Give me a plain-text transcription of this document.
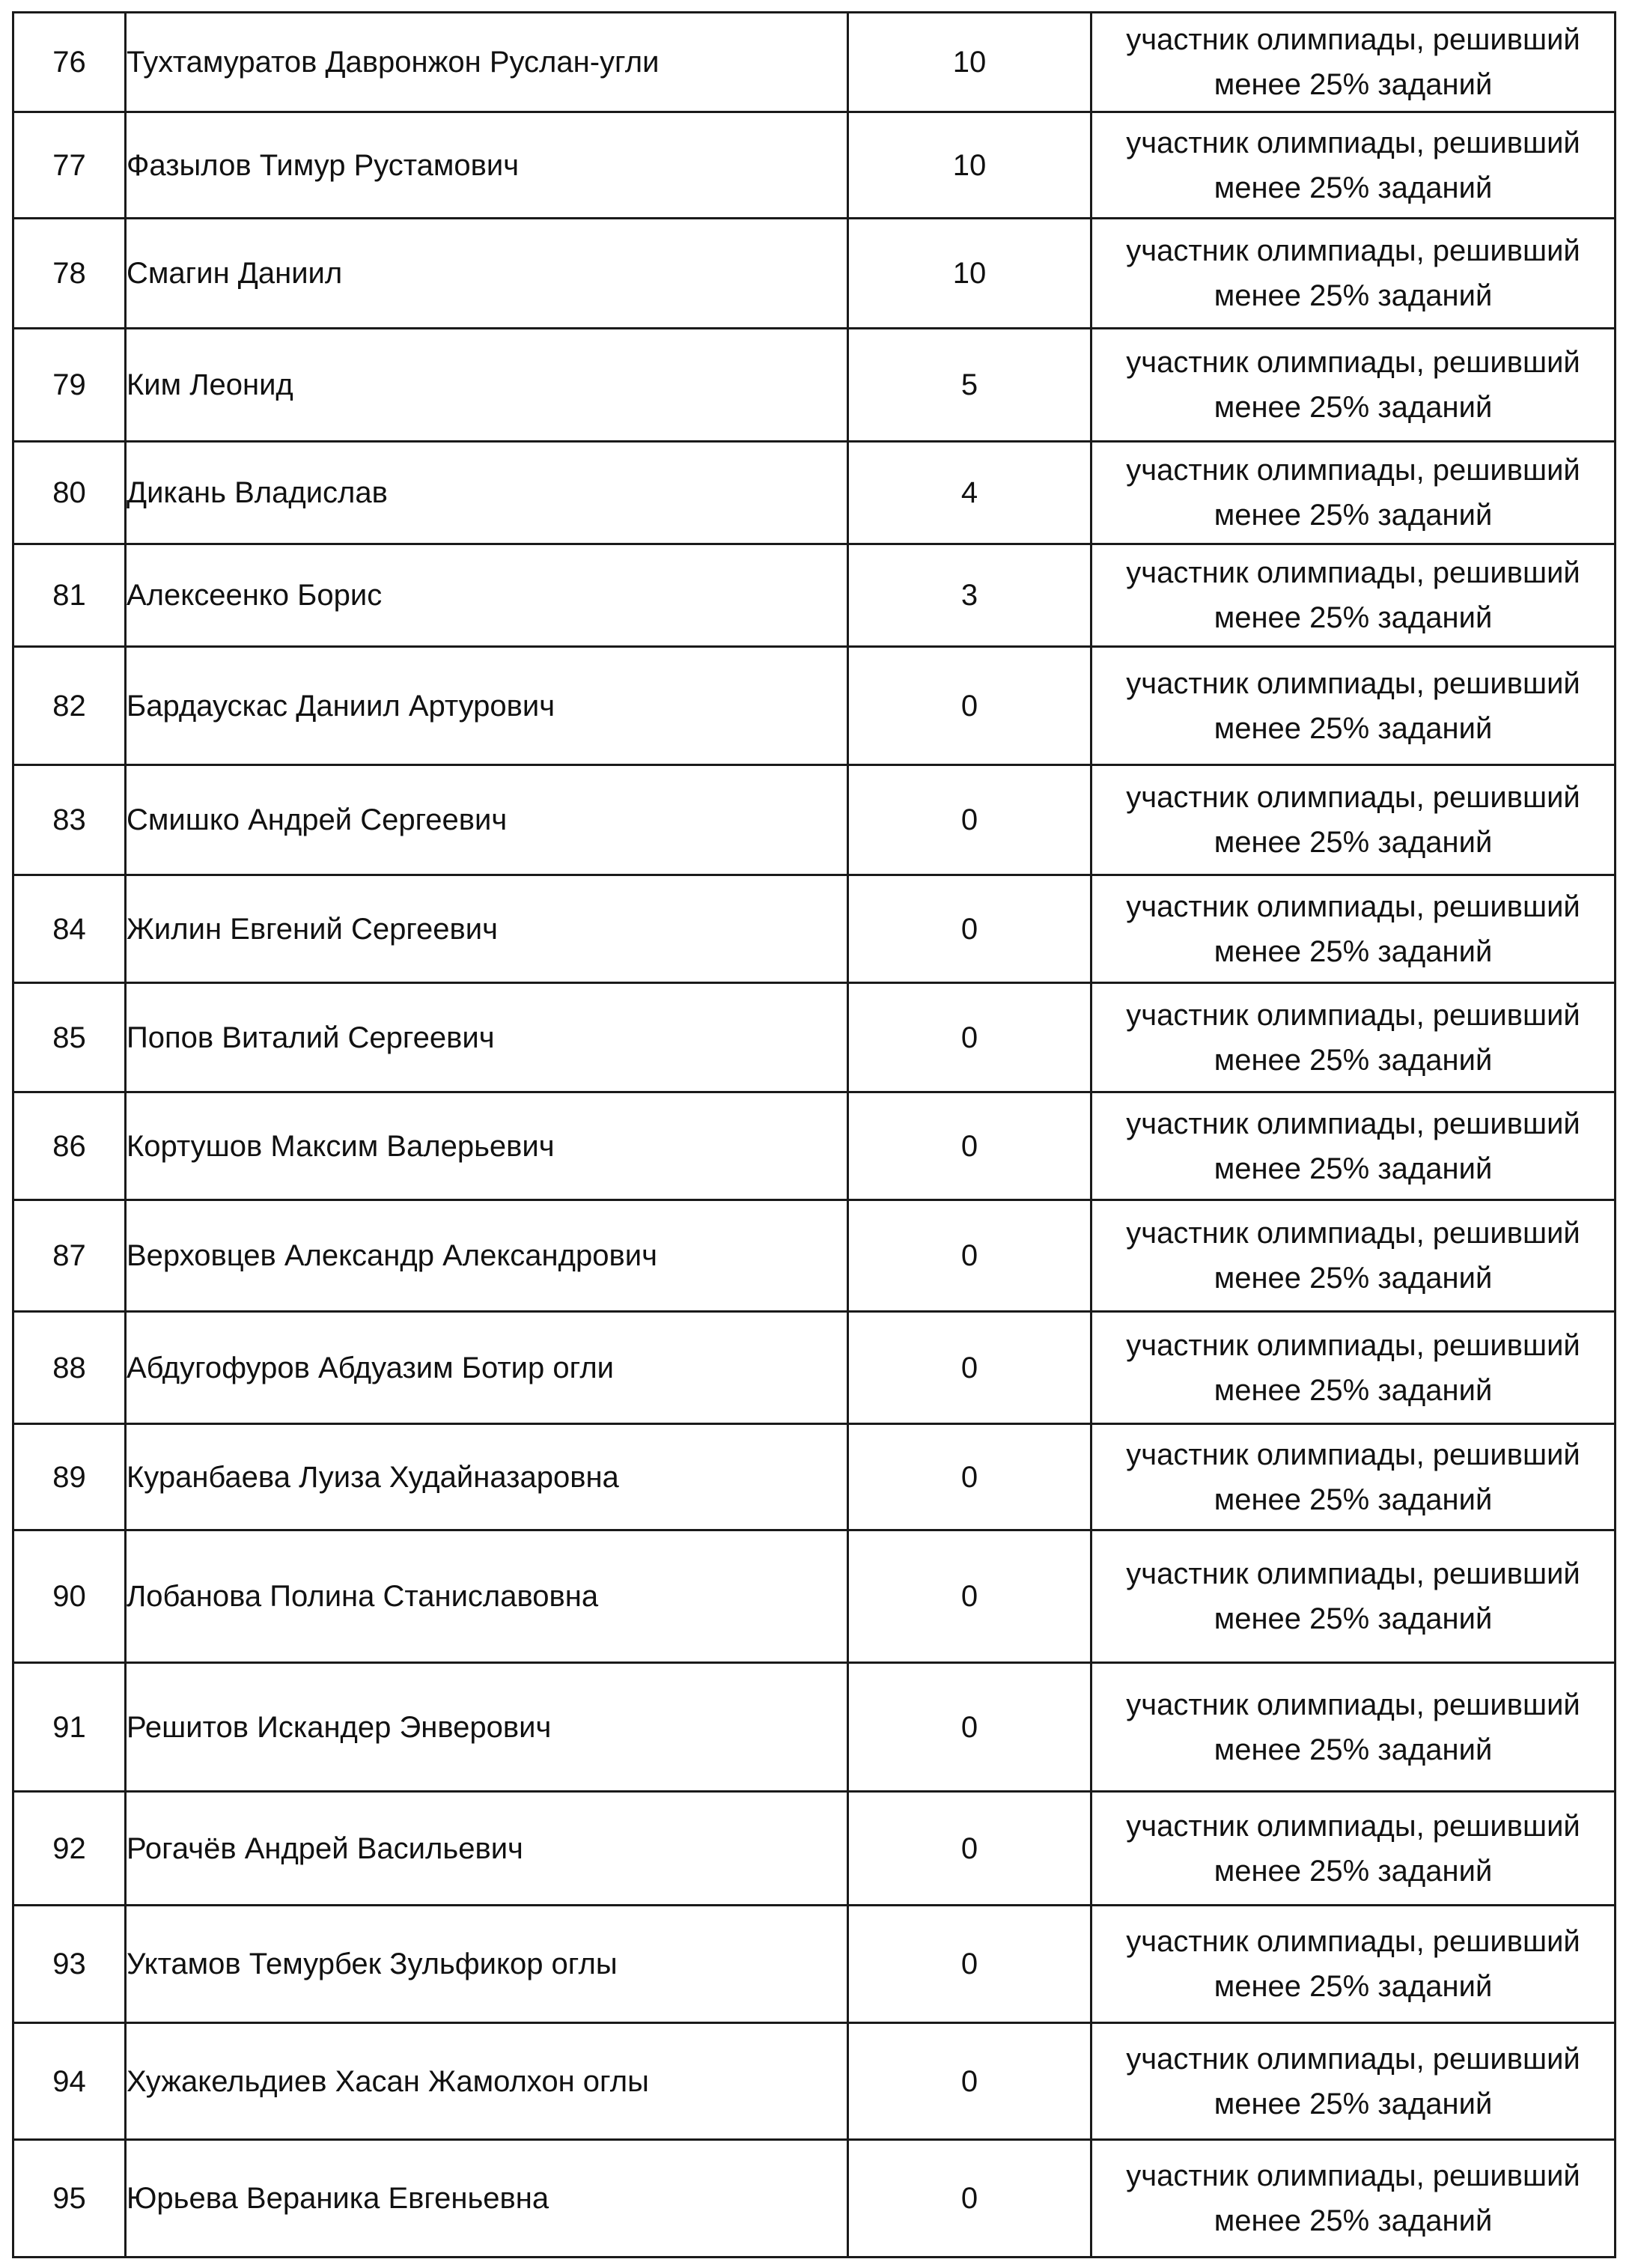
76	Тухтамуратов Давронжон Руслан-угли	10	участник олимпиады, решивший
менее 25% заданий

77	Фазылов Тимур Рустамович	10	участник олимпиады, решивший
менее 25% заданий

78	Смагин Даниил	10	участник олимпиады, решивший
менее 25% заданий

79	Ким Леонид	5	участник олимпиады, решивший
менее 25% заданий

80	Дикань Владислав	4	участник олимпиады, решивший
менее 25% заданий

81	Алексеенко Борис	3	участник олимпиады, решивший
менее 25% заданий

82	Бардаускас Даниил Артурович	0	участник олимпиады, решивший
менее 25% заданий

83	Смишко Андрей Сергеевич	0	участник олимпиады, решивший
менее 25% заданий

84	Жилин Евгений Сергеевич	0	участник олимпиады, решивший
менее 25% заданий

85	Попов Виталий Сергеевич	0	участник олимпиады, решивший
менее 25% заданий

86	Кортушов Максим Валерьевич	0	участник олимпиады, решивший
менее 25% заданий

87	Верховцев Александр Александрович	0	участник олимпиады, решивший
менее 25% заданий

88	Абдугофуров Абдуазим Ботир огли	0	участник олимпиады, решивший
менее 25% заданий

89	Куранбаева Луиза Худайназаровна	0	участник олимпиады, решивший
менее 25% заданий

90	Лобанова Полина Станиславовна	0	участник олимпиады, решивший
менее 25% заданий

91	Решитов Искандер Энверович	0	участник олимпиады, решивший
менее 25% заданий

92	Рогачёв Андрей Васильевич	0	участник олимпиады, решивший
менее 25% заданий

93	Уктамов Темурбек Зульфикор оглы	0	участник олимпиады, решивший
менее 25% заданий

94	Хужакельдиев Хасан Жамолхон оглы	0	участник олимпиады, решивший
менее 25% заданий

95	Юрьева Вераника Евгеньевна	0	участник олимпиады, решивший
менее 25% заданий
